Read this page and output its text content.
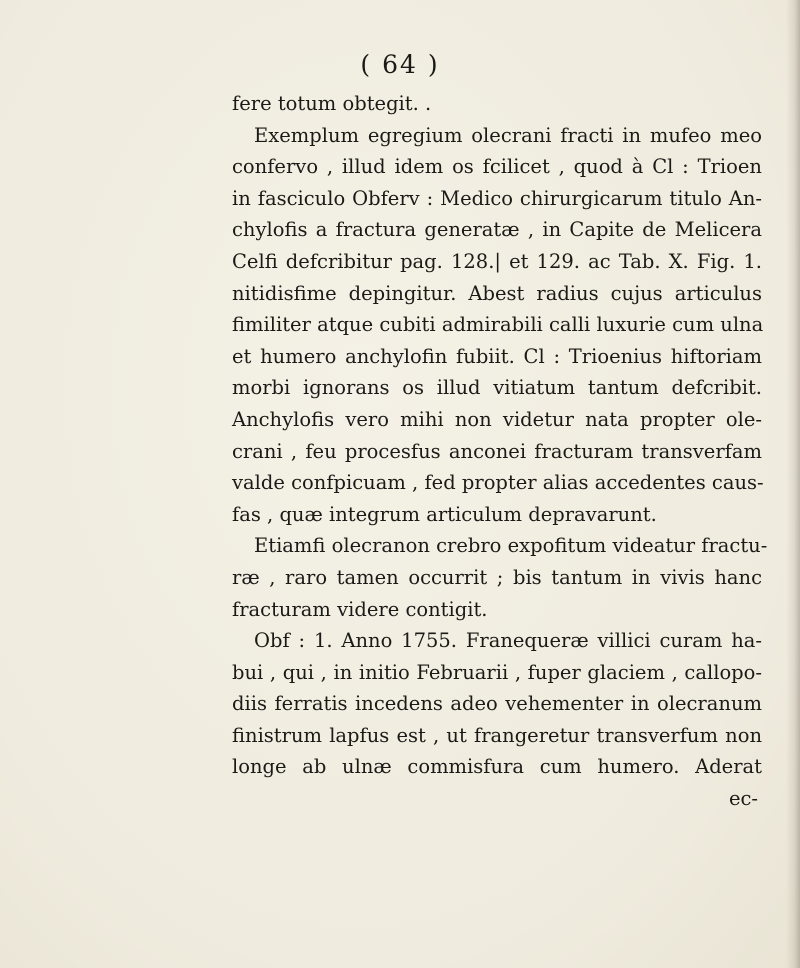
( 64 )
fere totum obtegit. .
Exemplum egregium olecrani fracti in mufeo meo
confervo , illud idem os fcilicet , quod à Cl : Trioen
in fasciculo Obferv : Medico chirurgicarum titulo An-
chylofis a fractura generatæ , in Capite de Melicera
Celfi defcribitur pag. 128.| et 129. ac Tab. X. Fig. 1.
nitidisfime depingitur. Abest radius cujus articulus
fimiliter atque cubiti admirabili calli luxurie cum ulna
et humero anchylofin fubiit. Cl : Trioenius hiftoriam
morbi ignorans os illud vitiatum tantum defcribit.
Anchylofis vero mihi non videtur nata propter ole-
crani , feu procesfus anconei fracturam transverfam
valde confpicuam , fed propter alias accedentes caus-
fas , quæ integrum articulum depravarunt.
Etiamfi olecranon crebro expofitum videatur fractu-
ræ , raro tamen occurrit ; bis tantum in vivis hanc
fracturam videre contigit.
Obf : 1. Anno 1755. Franequeræ villici curam ha-
bui , qui , in initio Februarii , fuper glaciem , callopo-
diis ferratis incedens adeo vehementer in olecranum
finistrum lapfus est , ut frangeretur transverfum non
longe ab ulnæ commisfura cum humero. Aderat
ec-
